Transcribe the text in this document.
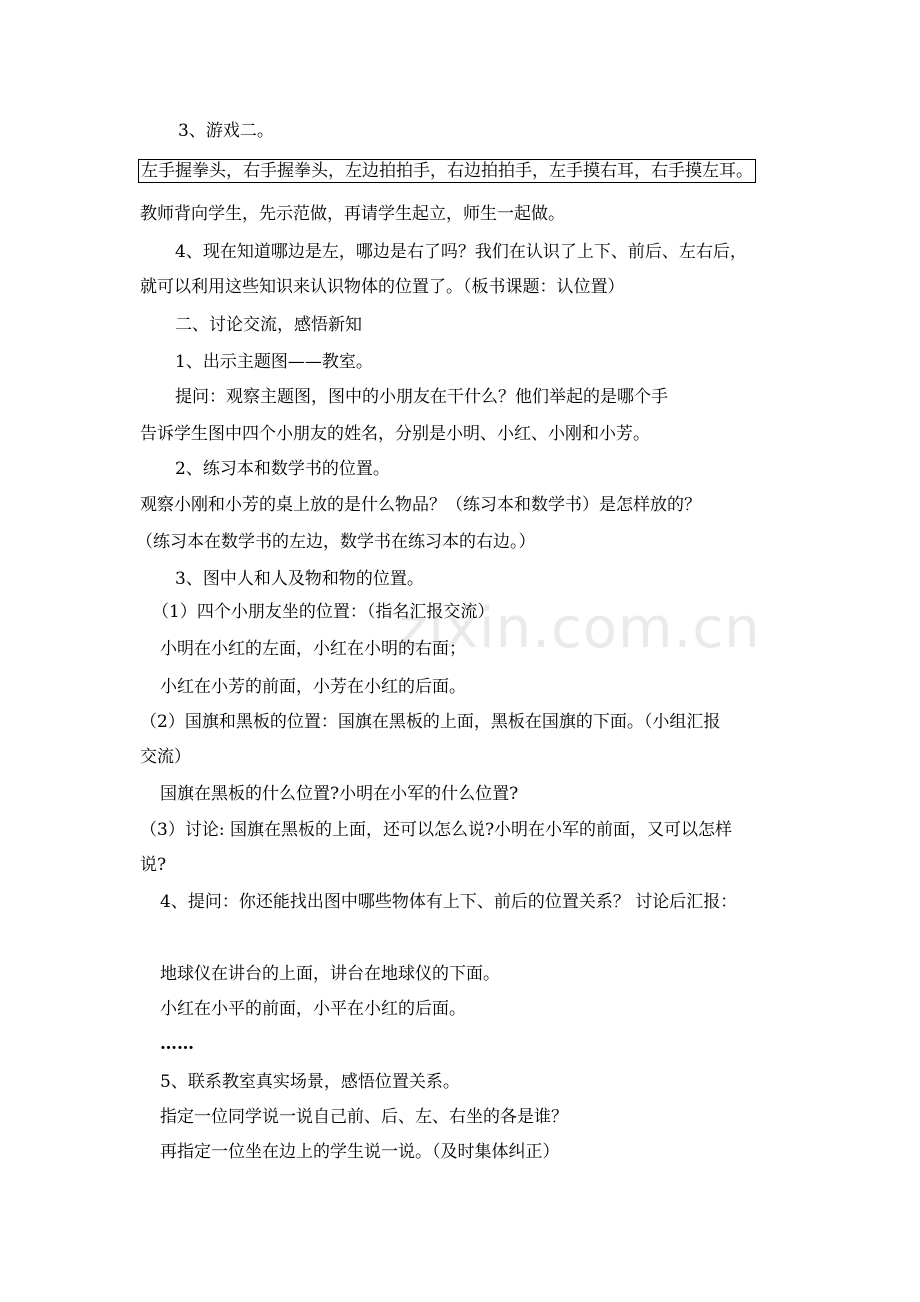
zixin.com.cn
3、游戏二。
左手握拳头，右手握拳头，左边拍拍手，右边拍拍手，左手摸右耳，右手摸左耳。
教师背向学生，先示范做，再请学生起立，师生一起做。
4、现在知道哪边是左，哪边是右了吗？我们在认识了上下、前后、左右后，
就可以利用这些知识来认识物体的位置了。（板书课题：认位置）
二、讨论交流，感悟新知
1、出示主题图——教室。
提问：观察主题图，图中的小朋友在干什么？他们举起的是哪个手
告诉学生图中四个小朋友的姓名，分别是小明、小红、小刚和小芳。
2、练习本和数学书的位置。
观察小刚和小芳的桌上放的是什么物品？（练习本和数学书）是怎样放的？
（练习本在数学书的左边，数学书在练习本的右边。）
3、图中人和人及物和物的位置。
（1）四个小朋友坐的位置：（指名汇报交流）
小明在小红的左面，小红在小明的右面；
小红在小芳的前面，小芳在小红的后面。
（2）国旗和黑板的位置：国旗在黑板的上面，黑板在国旗的下面。（小组汇报
交流）
国旗在黑板的什么位置?小明在小军的什么位置?
（3）讨论: 国旗在黑板的上面，还可以怎么说?小明在小军的前面，又可以怎样
说?
4、提问：你还能找出图中哪些物体有上下、前后的位置关系？ 讨论后汇报：
地球仪在讲台的上面，讲台在地球仪的下面。
小红在小平的前面，小平在小红的后面。
……
5、联系教室真实场景，感悟位置关系。
指定一位同学说一说自己前、后、左、右坐的各是谁？
再指定一位坐在边上的学生说一说。（及时集体纠正）
